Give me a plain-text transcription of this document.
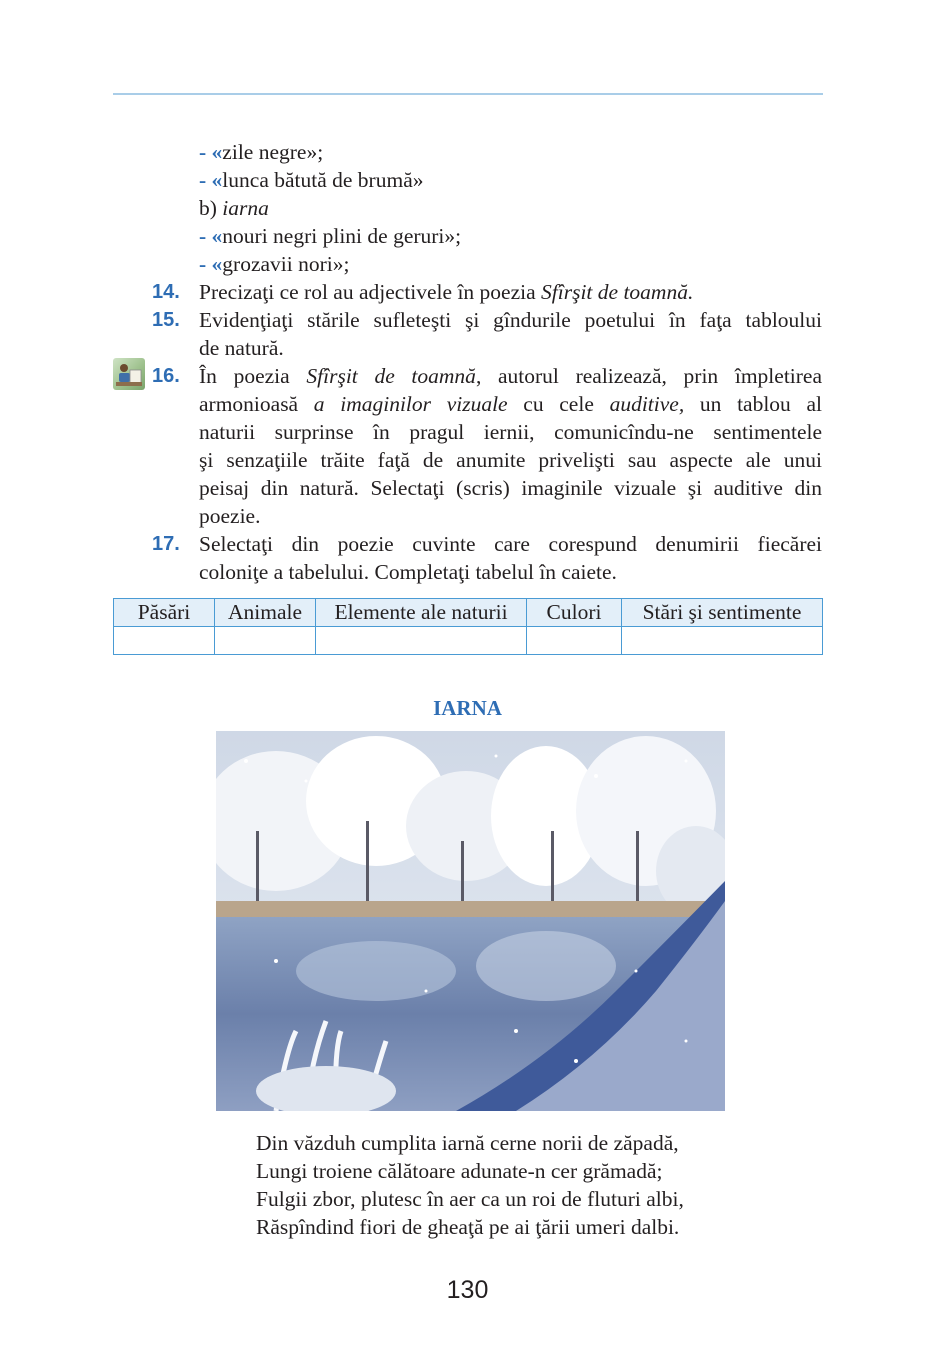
- «zile negre»;
- «lunca bătută de brumă»
b) iarna
- «nouri negri plini de geruri»;
- «grozavii nori»;
14. Precizaţi ce rol au adjectivele în poezia Sfîrşit de toamnă.
15. Evidenţiaţi stările sufleteşti şi gîndurile poetului în faţa tabloului
de natură.
16. În poezia Sfîrşit de toamnă, autorul realizează, prin împletirea
armonioasă a imaginilor vizuale cu cele auditive, un tablou al
naturii surprinse în pragul iernii, comunicîndu-ne sentimentele
şi senzaţiile trăite faţă de anumite privelişti sau aspecte ale unui
peisaj din natură. Selectaţi (scris) imaginile vizuale şi auditive din
poezie.
17. Selectaţi din poezie cuvinte care corespund denumirii fiecărei
coloniţe a tabelului. Completaţi tabelul în caiete.
Păsări	Animale	Elemente ale naturii	Culori	Stări şi sentimente

IARNA
Din văzduh cumplita iarnă cerne norii de zăpadă,
Lungi troiene călătoare adunate-n cer grămadă;
Fulgii zbor, plutesc în aer ca un roi de fluturi albi,
Răspîndind fiori de gheaţă pe ai ţării umeri dalbi.
130
